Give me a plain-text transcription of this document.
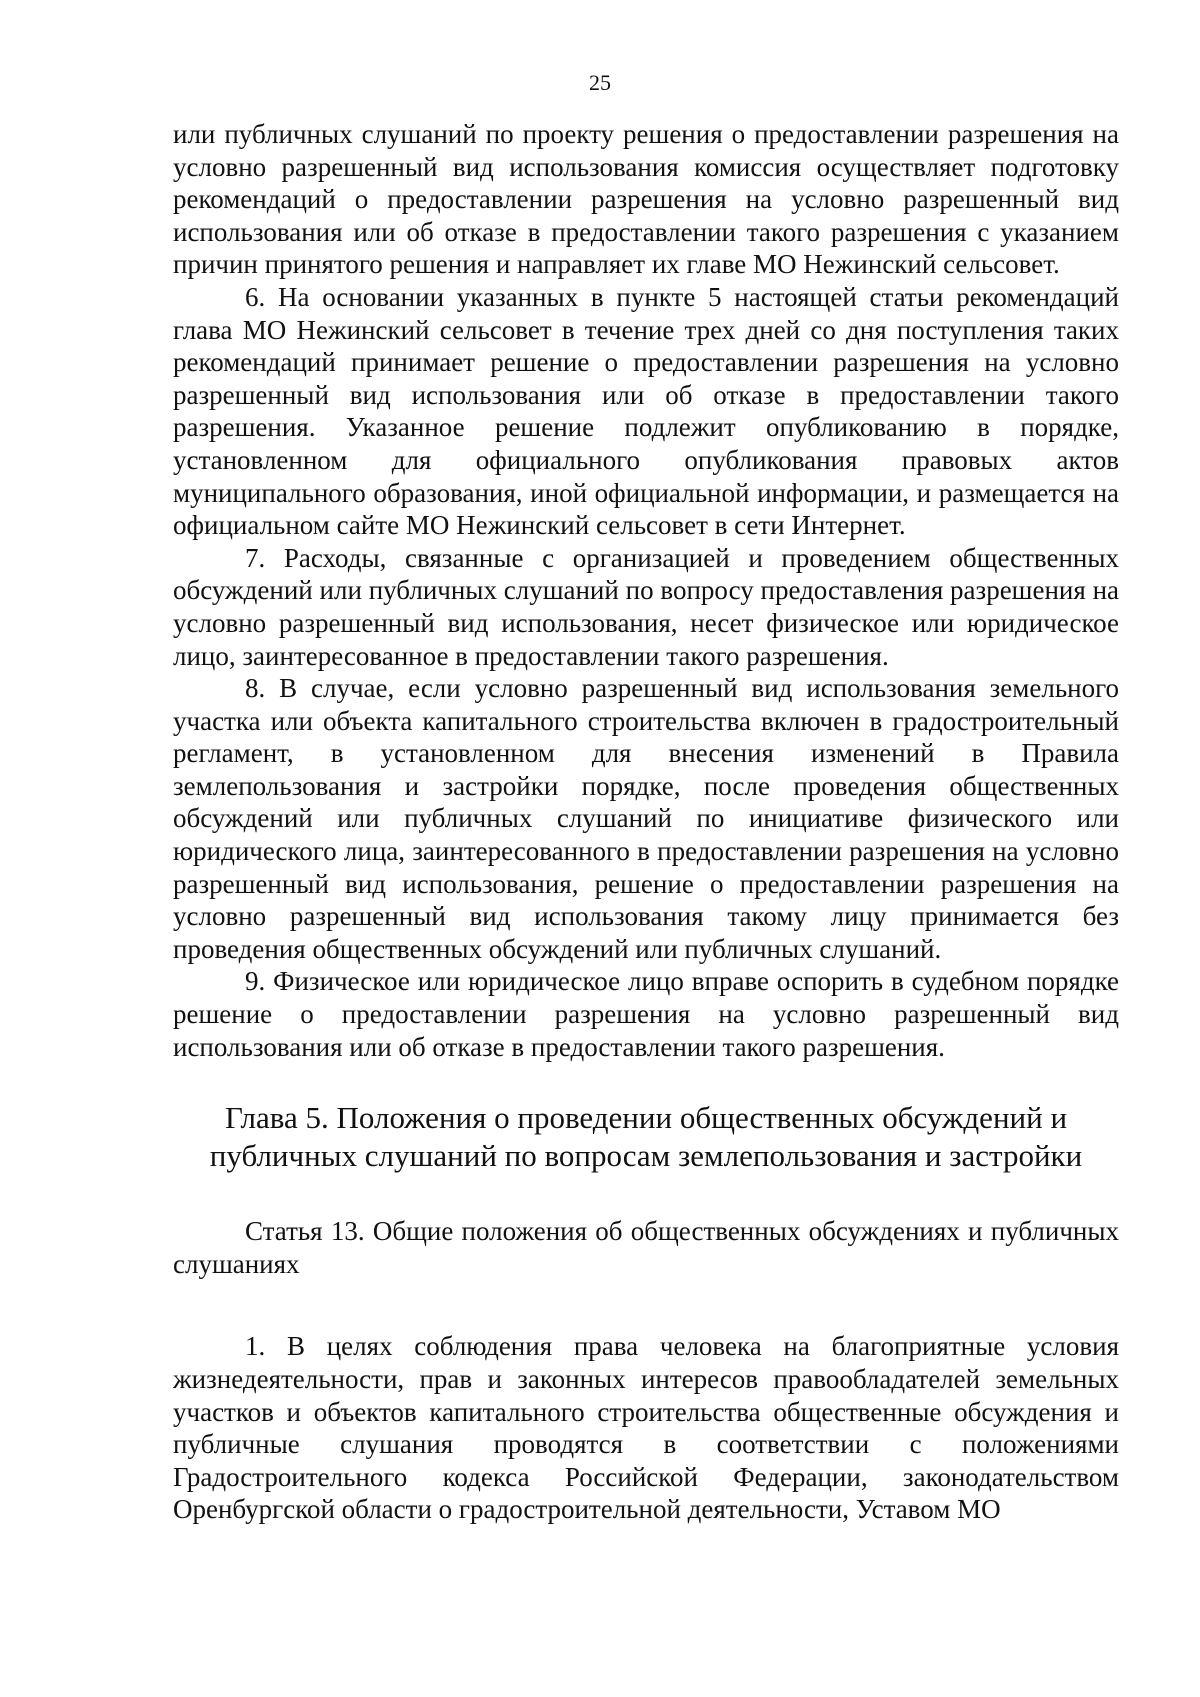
25

или публичных слушаний по проекту решения о предоставлении разрешения на условно разрешенный вид использования комиссия осуществляет подготовку рекомендаций о предоставлении разрешения на условно разрешенный вид использования или об отказе в предоставлении такого разрешения с указанием причин принятого решения и направляет их главе МО Нежинский сельсовет.

6. На основании указанных в пункте 5 настоящей статьи рекомендаций глава МО Нежинский сельсовет в течение трех дней со дня поступления таких рекомендаций принимает решение о предоставлении разрешения на условно разрешенный вид использования или об отказе в предоставлении такого разрешения. Указанное решение подлежит опубликованию в порядке, установленном для официального опубликования правовых актов муниципального образования, иной официальной информации, и размещается на официальном сайте МО Нежинский сельсовет в сети Интернет.

7. Расходы, связанные с организацией и проведением общественных обсуждений или публичных слушаний по вопросу предоставления разрешения на условно разрешенный вид использования, несет физическое или юридическое лицо, заинтересованное в предоставлении такого разрешения.

8. В случае, если условно разрешенный вид использования земельного участка или объекта капитального строительства включен в градостроительный регламент, в установленном для внесения изменений в Правила землепользования и застройки порядке, после проведения общественных обсуждений или публичных слушаний по инициативе физического или юридического лица, заинтересованного в предоставлении разрешения на условно разрешенный вид использования, решение о предоставлении разрешения на условно разрешенный вид использования такому лицу принимается без проведения общественных обсуждений или публичных слушаний.

9. Физическое или юридическое лицо вправе оспорить в судебном порядке решение о предоставлении разрешения на условно разрешенный вид использования или об отказе в предоставлении такого разрешения.

Глава 5. Положения о проведении общественных обсуждений и
публичных слушаний по вопросам землепользования и застройки

Статья 13. Общие положения об общественных обсуждениях и публичных слушаниях

1. В целях соблюдения права человека на благоприятные условия жизнедеятельности, прав и законных интересов правообладателей земельных участков и объектов капитального строительства общественные обсуждения и публичные слушания проводятся в соответствии с положениями Градостроительного кодекса Российской Федерации, законодательством Оренбургской области о градостроительной деятельности, Уставом МО
